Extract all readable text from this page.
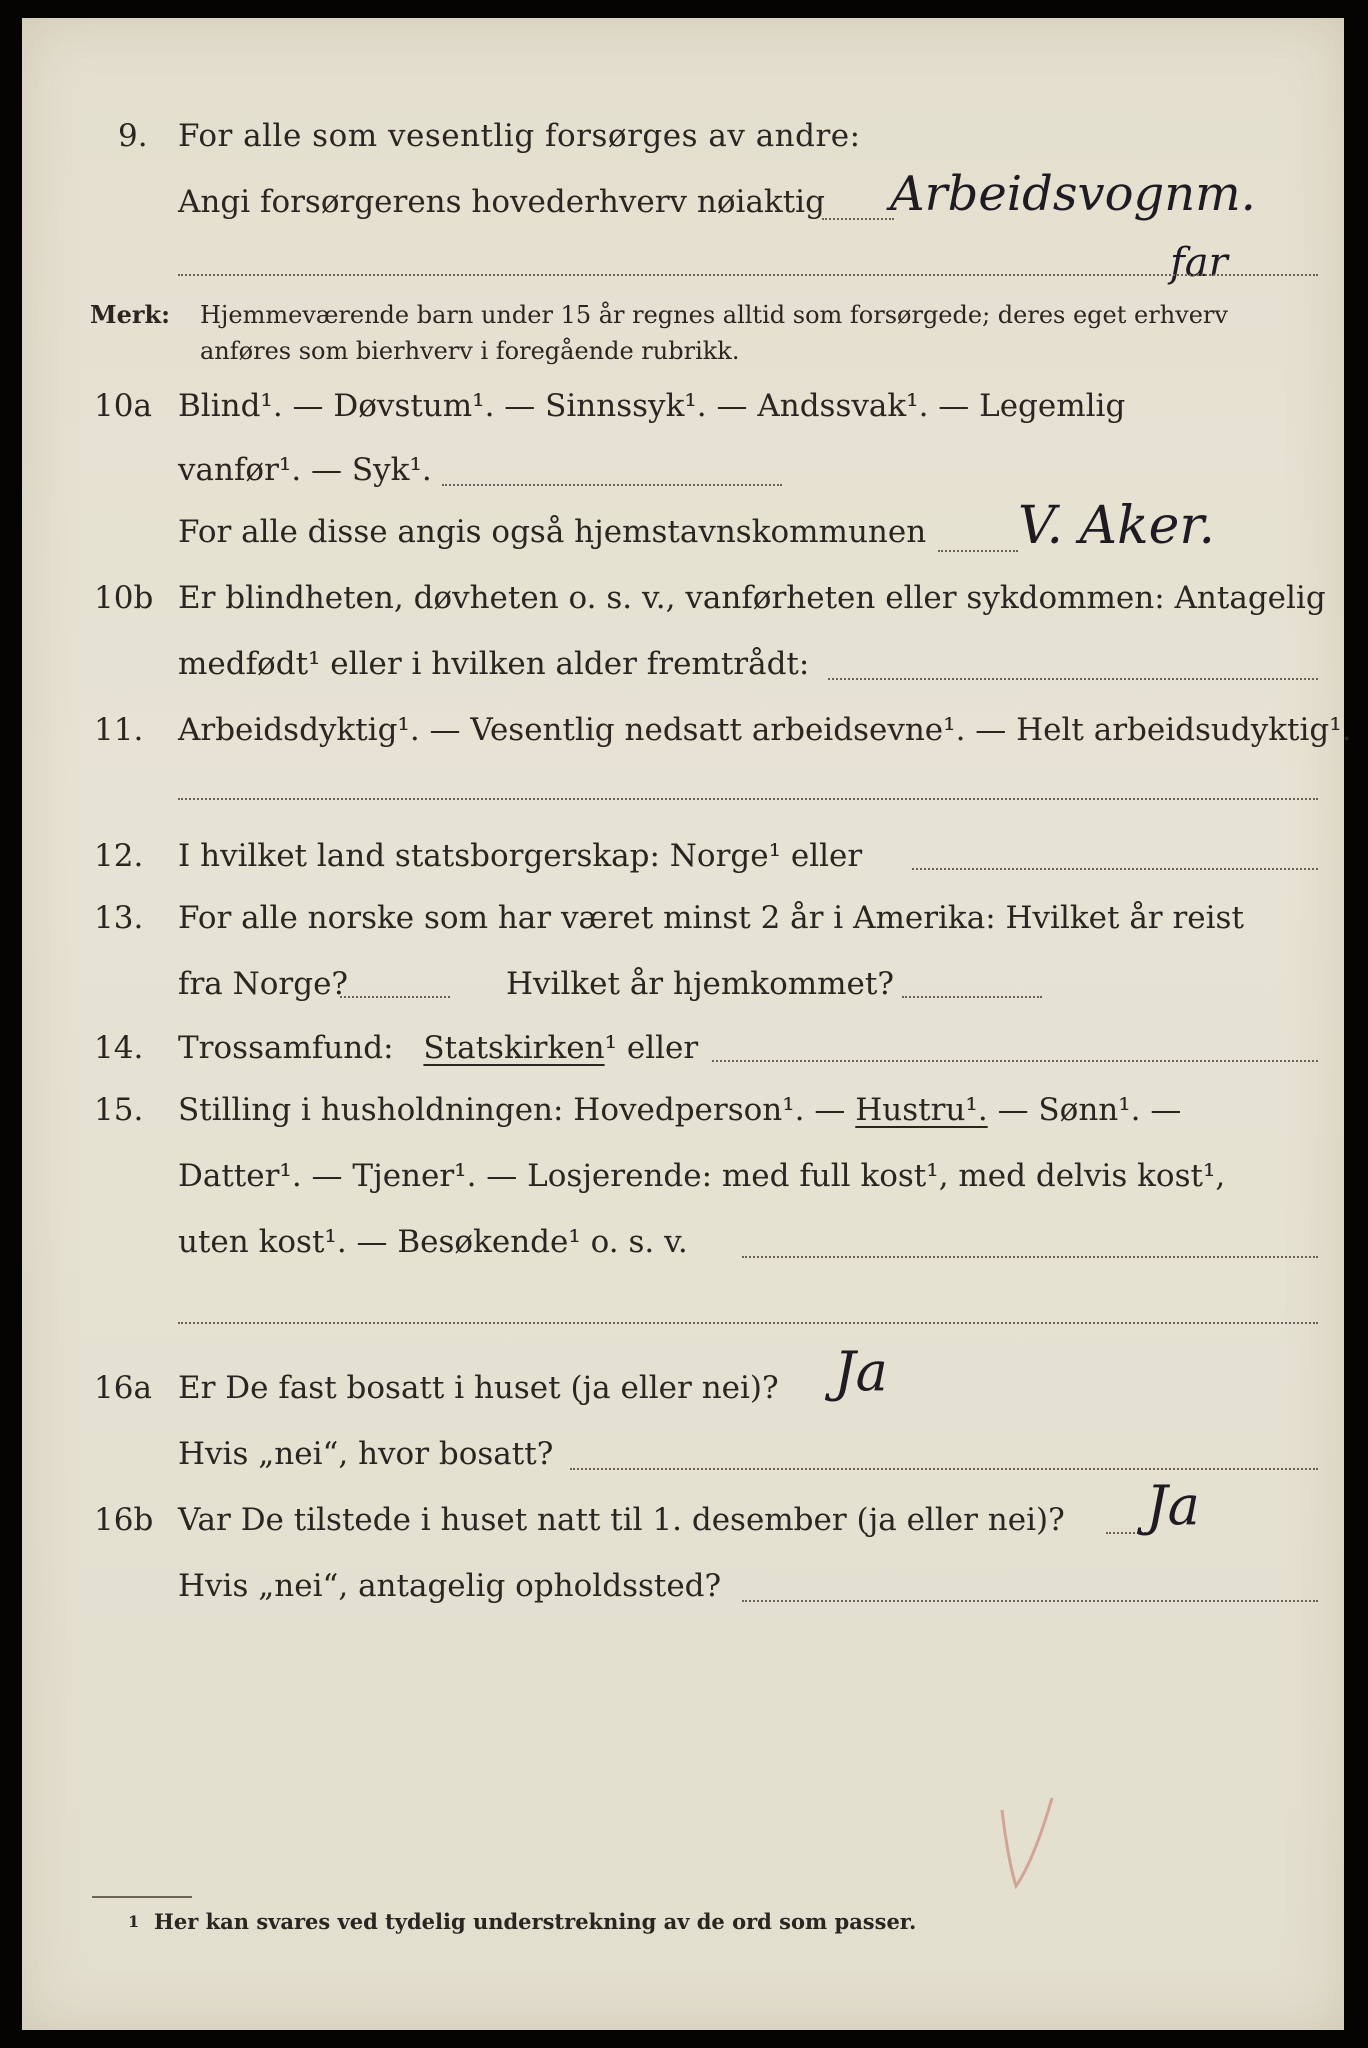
9. For alle som vesentlig forsørges av andre:
Angi forsørgerens hovederhverv nøiaktig Arbeidsvognm.
far
Merk: Hjemmeværende barn under 15 år regnes alltid som forsørgede; deres eget erhverv
anføres som bierhverv i foregående rubrikk.
10a Blind¹. — Døvstum¹. — Sinnssyk¹. — Andssvak¹. — Legemlig
vanfør¹. — Syk¹.
For alle disse angis også hjemstavnskommunen V. Aker.
10b Er blindheten, døvheten o. s. v., vanførheten eller sykdommen: Antagelig
medfødt¹ eller i hvilken alder fremtrådt:
11. Arbeidsdyktig¹. — Vesentlig nedsatt arbeidsevne¹. — Helt arbeidsudyktig¹.
12. I hvilket land statsborgerskap: Norge¹ eller
13. For alle norske som har været minst 2 år i Amerika: Hvilket år reist
fra Norge?	Hvilket år hjemkommet?
14. Trossamfund: Statskirken¹ eller
15. Stilling i husholdningen: Hovedperson¹. — Hustru¹. — Sønn¹. —
Datter¹. — Tjener¹. — Losjerende: med full kost¹, med delvis kost¹,
uten kost¹. — Besøkende¹ o. s. v.
16a Er De fast bosatt i huset (ja eller nei)? Ja
Hvis „nei“, hvor bosatt?
16b Var De tilstede i huset natt til 1. desember (ja eller nei)? Ja
Hvis „nei“, antagelig opholdssted?
1 Her kan svares ved tydelig understrekning av de ord som passer.
